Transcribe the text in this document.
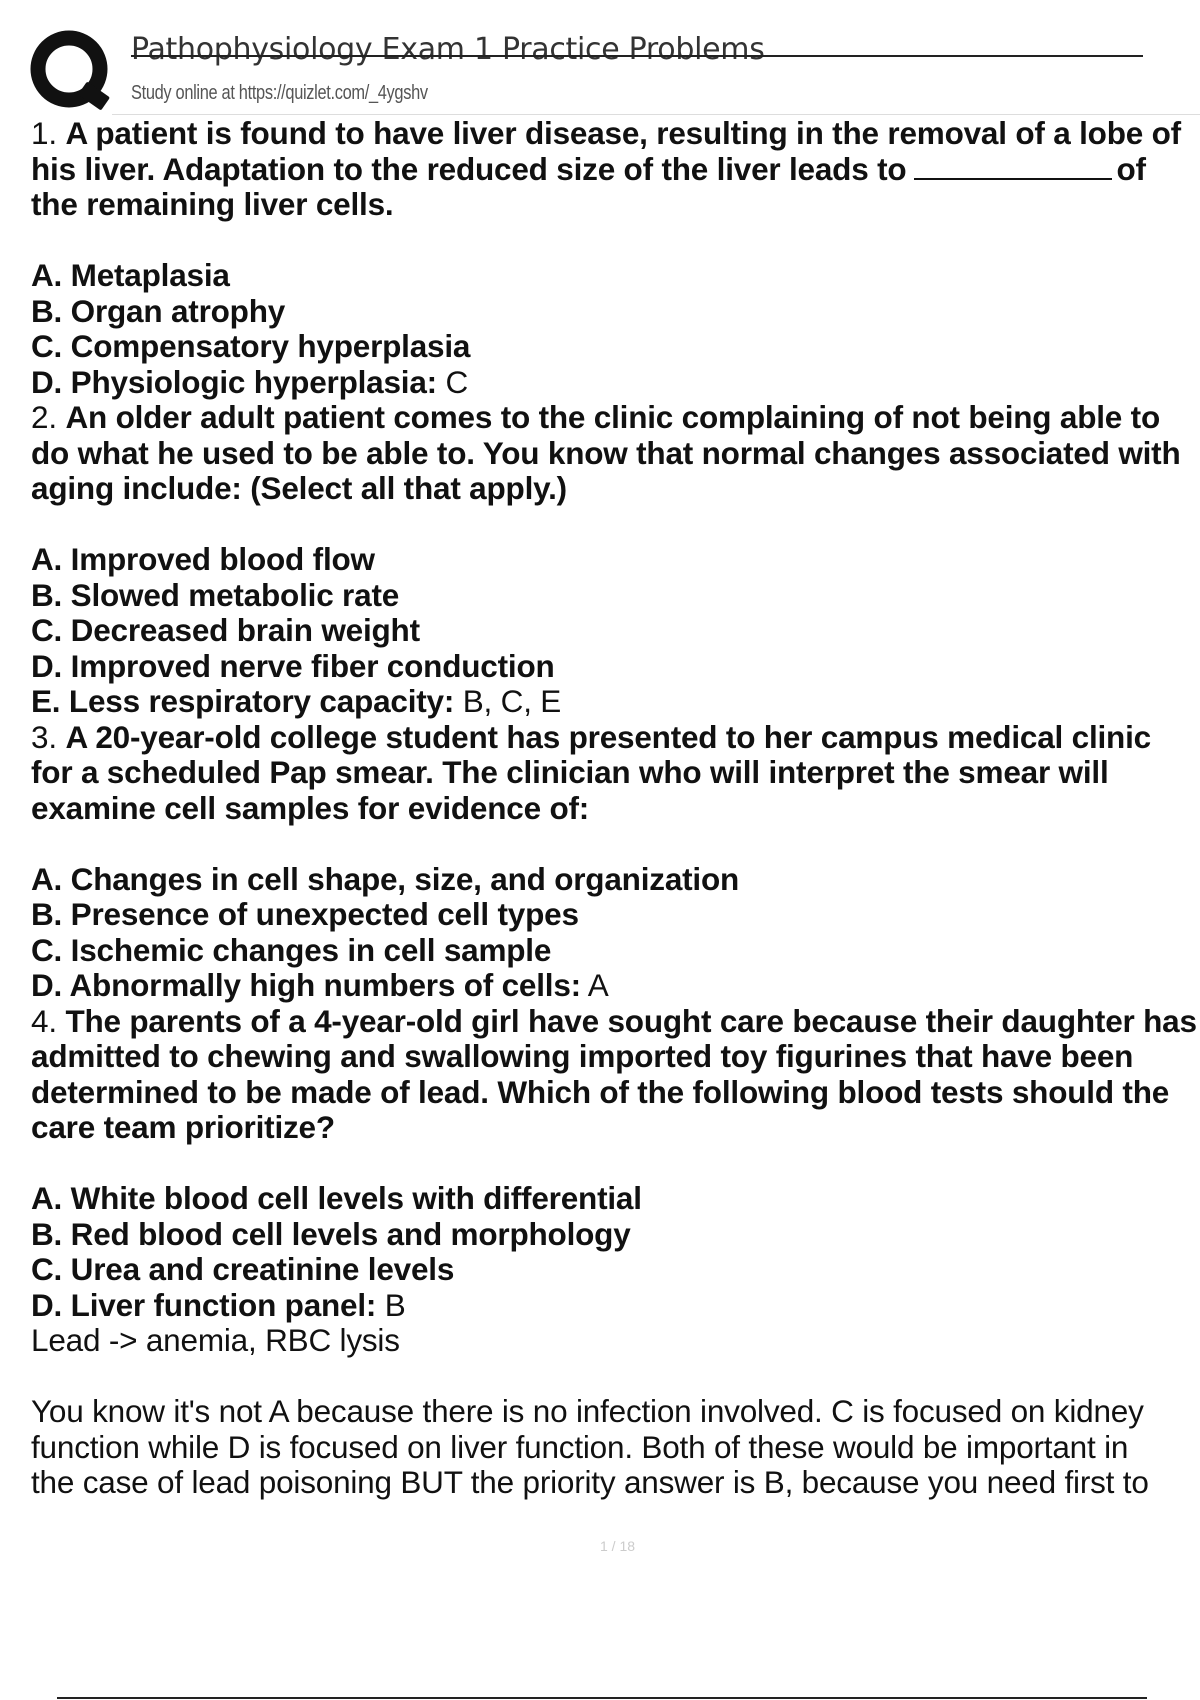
Pathophysiology Exam 1 Practice Problems
Study online at https://quizlet.com/_4ygshv
1. A patient is found to have liver disease, resulting in the removal of a lobe of
his liver. Adaptation to the reduced size of the liver leads to	of
the remaining liver cells.
A. Metaplasia
B. Organ atrophy
C. Compensatory hyperplasia
D. Physiologic hyperplasia: C
2. An older adult patient comes to the clinic complaining of not being able to
do what he used to be able to. You know that normal changes associated with
aging include: (Select all that apply.)
A. Improved blood flow
B. Slowed metabolic rate
C. Decreased brain weight
D. Improved nerve fiber conduction
E. Less respiratory capacity: B, C, E
3. A 20-year-old college student has presented to her campus medical clinic
for a scheduled Pap smear. The clinician who will interpret the smear will
examine cell samples for evidence of:
A. Changes in cell shape, size, and organization
B. Presence of unexpected cell types
C. Ischemic changes in cell sample
D. Abnormally high numbers of cells: A
4. The parents of a 4-year-old girl have sought care because their daughter has
admitted to chewing and swallowing imported toy figurines that have been
determined to be made of lead. Which of the following blood tests should the
care team prioritize?
A. White blood cell levels with differential
B. Red blood cell levels and morphology
C. Urea and creatinine levels
D. Liver function panel: B
Lead -> anemia, RBC lysis
You know it's not A because there is no infection involved. C is focused on kidney
function while D is focused on liver function. Both of these would be important in
the case of lead poisoning BUT the priority answer is B, because you need first to
1 / 18
